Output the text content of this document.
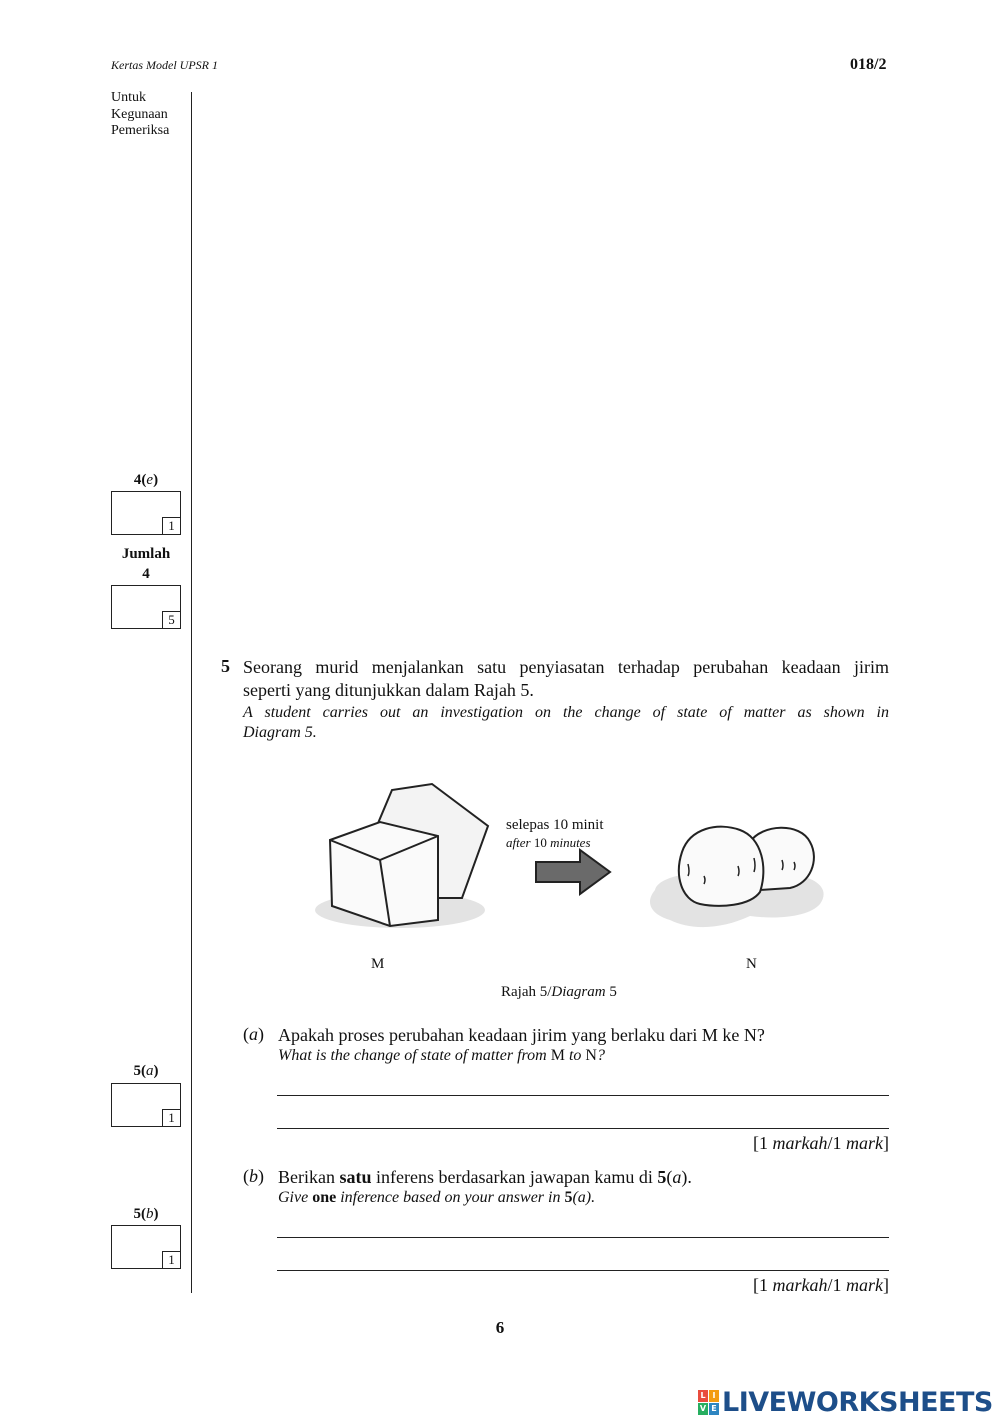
Kertas Model UPSR 1	018/2
Untuk
Kegunaan
Pemeriksa
4(e)
1
Jumlah
4
5
5 Seorang murid menjalankan satu penyiasatan terhadap perubahan keadaan jirim
seperti yang ditunjukkan dalam Rajah 5.
A student carries out an investigation on the change of state of matter as shown in
Diagram 5.
selepas 10 minit
after 10 minutes
M	N
Rajah 5/Diagram 5
(a) Apakah proses perubahan keadaan jirim yang berlaku dari M ke N?
What is the change of state of matter from M to N?
5(a)
1
[1 markah/1 mark]
(b) Berikan satu inferens berdasarkan jawapan kamu di 5(a).
Give one inference based on your answer in 5(a).
5(b)
1
[1 markah/1 mark]
6
L I
V E LIVEWORKSHEETS
